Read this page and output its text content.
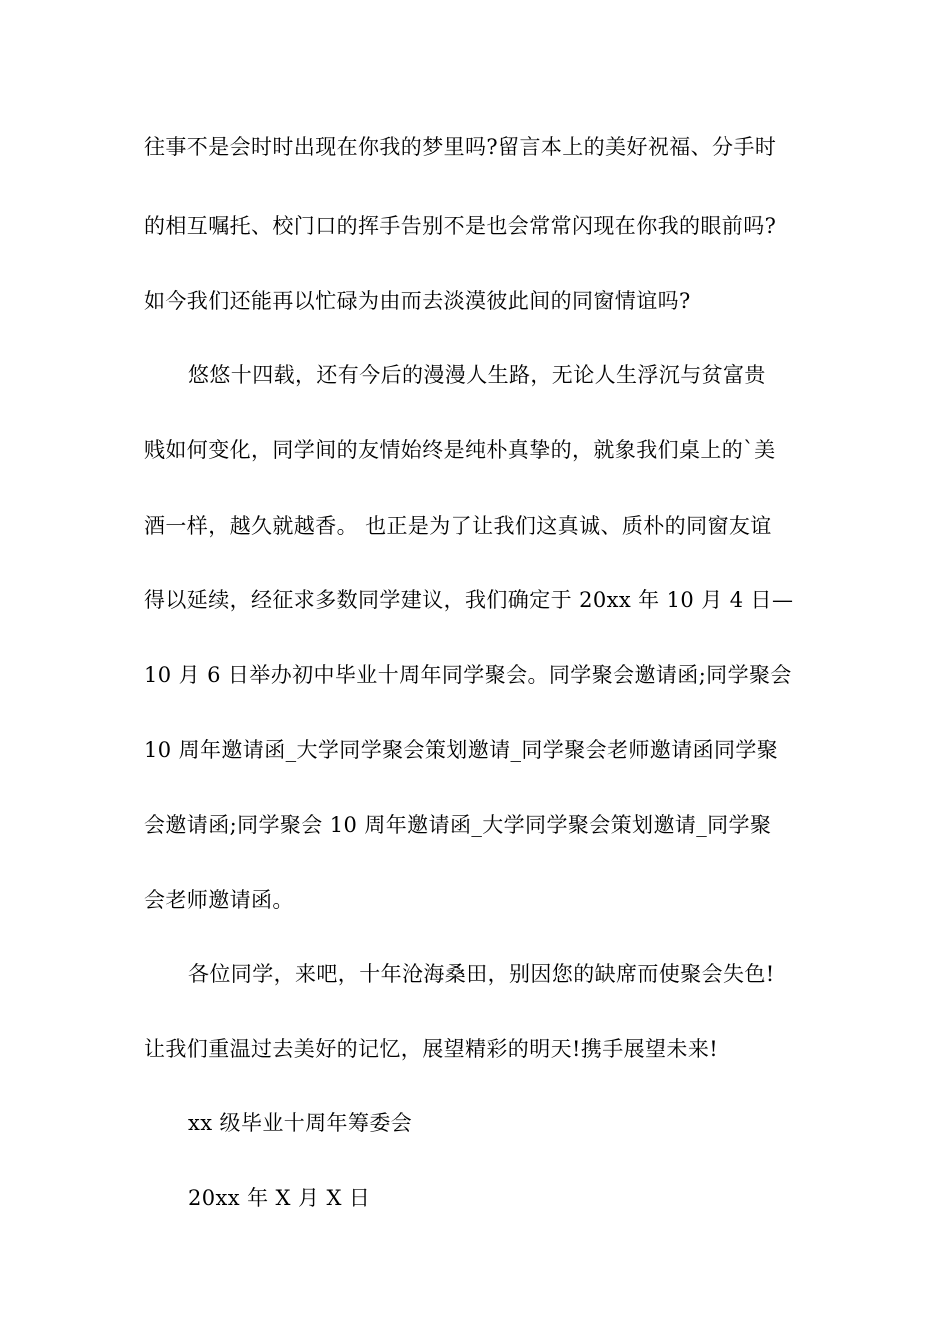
往事不是会时时出现在你我的梦里吗?留言本上的美好祝福、分手时
的相互嘱托、校门口的挥手告别不是也会常常闪现在你我的眼前吗?
如今我们还能再以忙碌为由而去淡漠彼此间的同窗情谊吗?
悠悠十四载，还有今后的漫漫人生路，无论人生浮沉与贫富贵
贱如何变化，同学间的友情始终是纯朴真挚的，就象我们桌上的`美
酒一样，越久就越香。 也正是为了让我们这真诚、质朴的同窗友谊
得以延续，经征求多数同学建议，我们确定于 20xx 年 10 月 4 日—
10 月 6 日举办初中毕业十周年同学聚会。同学聚会邀请函;同学聚会
10 周年邀请函_大学同学聚会策划邀请_同学聚会老师邀请函同学聚
会邀请函;同学聚会 10 周年邀请函_大学同学聚会策划邀请_同学聚
会老师邀请函。
各位同学，来吧，十年沧海桑田，别因您的缺席而使聚会失色!
让我们重温过去美好的记忆，展望精彩的明天!携手展望未来!
xx 级毕业十周年筹委会
20xx 年 X 月 X 日
